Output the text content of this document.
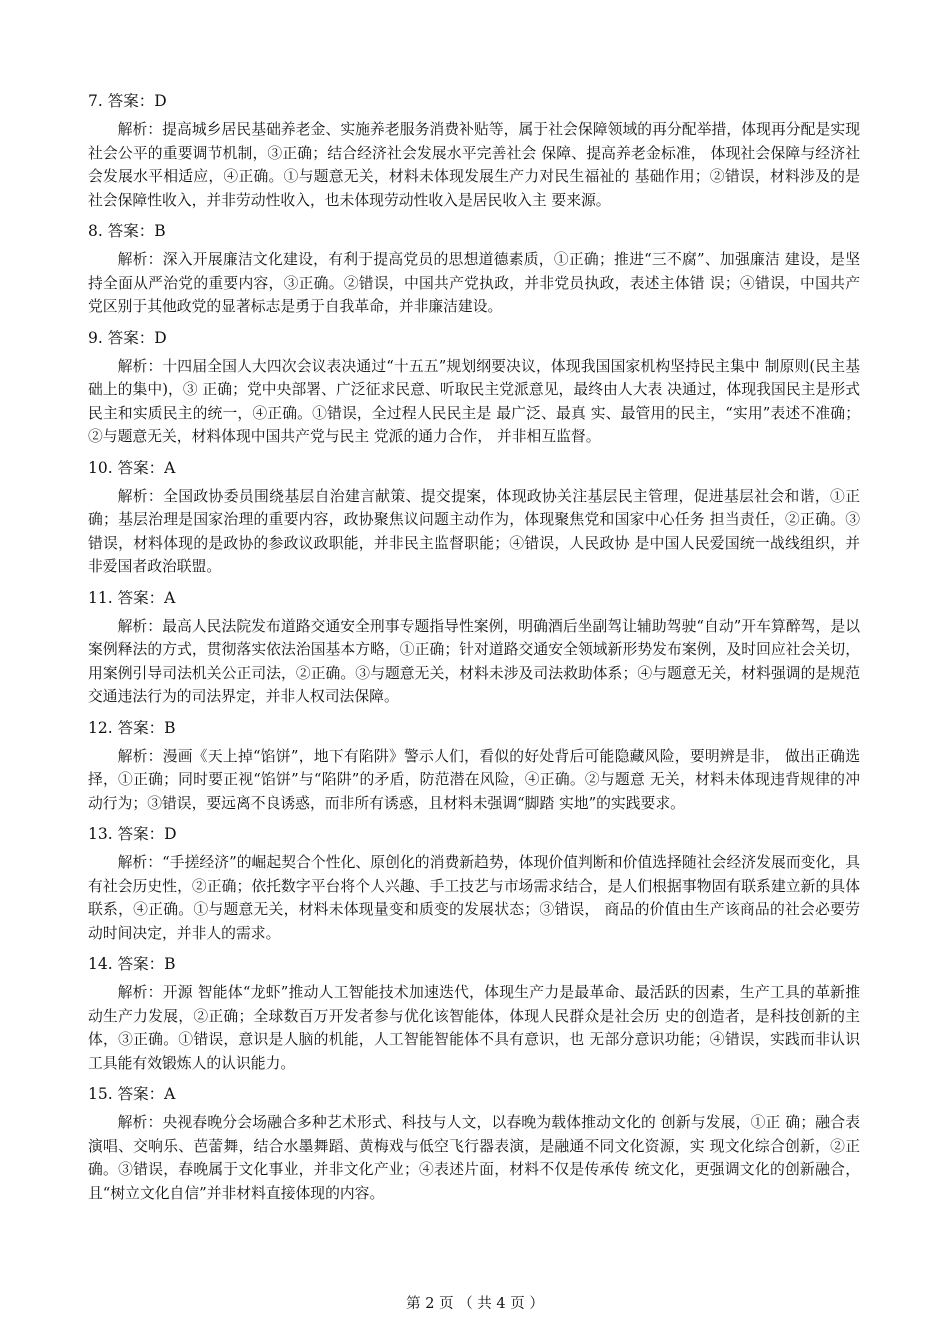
7. 答案：D

解析：提高城乡居民基础养老金、实施养老服务消费补贴等，属于社会保障领域的再分配举措，体现再分配是实现社会公平的重要调节机制，③正确；结合经济社会发展水平完善社会 保障、提高养老金标准， 体现社会保障与经济社会发展水平相适应，④正确。①与题意无关，材料未体现发展生产力对民生福祉的 基础作用；②错误，材料涉及的是社会保障性收入，并非劳动性收入，也未体现劳动性收入是居民收入主 要来源。

8. 答案：B

解析：深入开展廉洁文化建设，有利于提高党员的思想道德素质，①正确；推进“三不腐”、加强廉洁 建设，是坚持全面从严治党的重要内容，③正确。②错误，中国共产党执政，并非党员执政，表述主体错 误；④错误，中国共产党区别于其他政党的显著标志是勇于自我革命，并非廉洁建设。

9. 答案：D

解析：十四届全国人大四次会议表决通过“十五五”规划纲要决议，体现我国国家机构坚持民主集中 制原则(民主基础上的集中)，③ 正确；党中央部署、广泛征求民意、听取民主党派意见，最终由人大表 决通过，体现我国民主是形式民主和实质民主的统一，④正确。①错误，全过程人民民主是 最广泛、最真 实、最管用的民主，“实用”表述不准确；②与题意无关，材料体现中国共产党与民主 党派的通力合作， 并非相互监督。

10. 答案：A

解析：全国政协委员围绕基层自治建言献策、提交提案，体现政协关注基层民主管理，促进基层社会和谐，①正确；基层治理是国家治理的重要内容，政协聚焦议问题主动作为，体现聚焦党和国家中心任务 担当责任，②正确。③错误，材料体现的是政协的参政议政职能，并非民主监督职能；④错误，人民政协 是中国人民爱国统一战线组织，并非爱国者政治联盟。

11. 答案：A

解析：最高人民法院发布道路交通安全刑事专题指导性案例，明确酒后坐副驾让辅助驾驶“自动”开车算醉驾，是以案例释法的方式，贯彻落实依法治国基本方略，①正确；针对道路交通安全领域新形势发布案例，及时回应社会关切，用案例引导司法机关公正司法，②正确。③与题意无关，材料未涉及司法救助体系；④与题意无关，材料强调的是规范交通违法行为的司法界定，并非人权司法保障。

12. 答案：B

解析：漫画《天上掉“馅饼”，地下有陷阱》警示人们，看似的好处背后可能隐藏风险，要明辨是非， 做出正确选择，①正确；同时要正视“馅饼”与“陷阱”的矛盾，防范潜在风险，④正确。②与题意 无关，材料未体现违背规律的冲动行为；③错误，要远离不良诱惑，而非所有诱惑，且材料未强调“脚踏 实地”的实践要求。

13. 答案：D

解析：“手搓经济”的崛起契合个性化、原创化的消费新趋势，体现价值判断和价值选择随社会经济发展而变化，具有社会历史性，②正确；依托数字平台将个人兴趣、手工技艺与市场需求结合，是人们根据事物固有联系建立新的具体联系，④正确。①与题意无关，材料未体现量变和质变的发展状态；③错误， 商品的价值由生产该商品的社会必要劳动时间决定，并非人的需求。

14. 答案：B

解析：开源 智能体“龙虾”推动人工智能技术加速迭代，体现生产力是最革命、最活跃的因素，生产工具的革新推动生产力发展，②正确；全球数百万开发者参与优化该智能体，体现人民群众是社会历 史的创造者，是科技创新的主体，③正确。①错误，意识是人脑的机能，人工智能智能体不具有意识，也 无部分意识功能；④错误，实践而非认识工具能有效锻炼人的认识能力。

15. 答案：A

解析：央视春晚分会场融合多种艺术形式、科技与人文，以春晚为载体推动文化的 创新与发展，①正 确；融合表演唱、交响乐、芭蕾舞，结合水墨舞蹈、黄梅戏与低空飞行器表演，是融通不同文化资源，实 现文化综合创新，②正确。③错误，春晚属于文化事业，并非文化产业；④表述片面，材料不仅是传承传 统文化，更强调文化的创新融合，且“树立文化自信”并非材料直接体现的内容。

第 2 页 （ 共 4 页 ）
